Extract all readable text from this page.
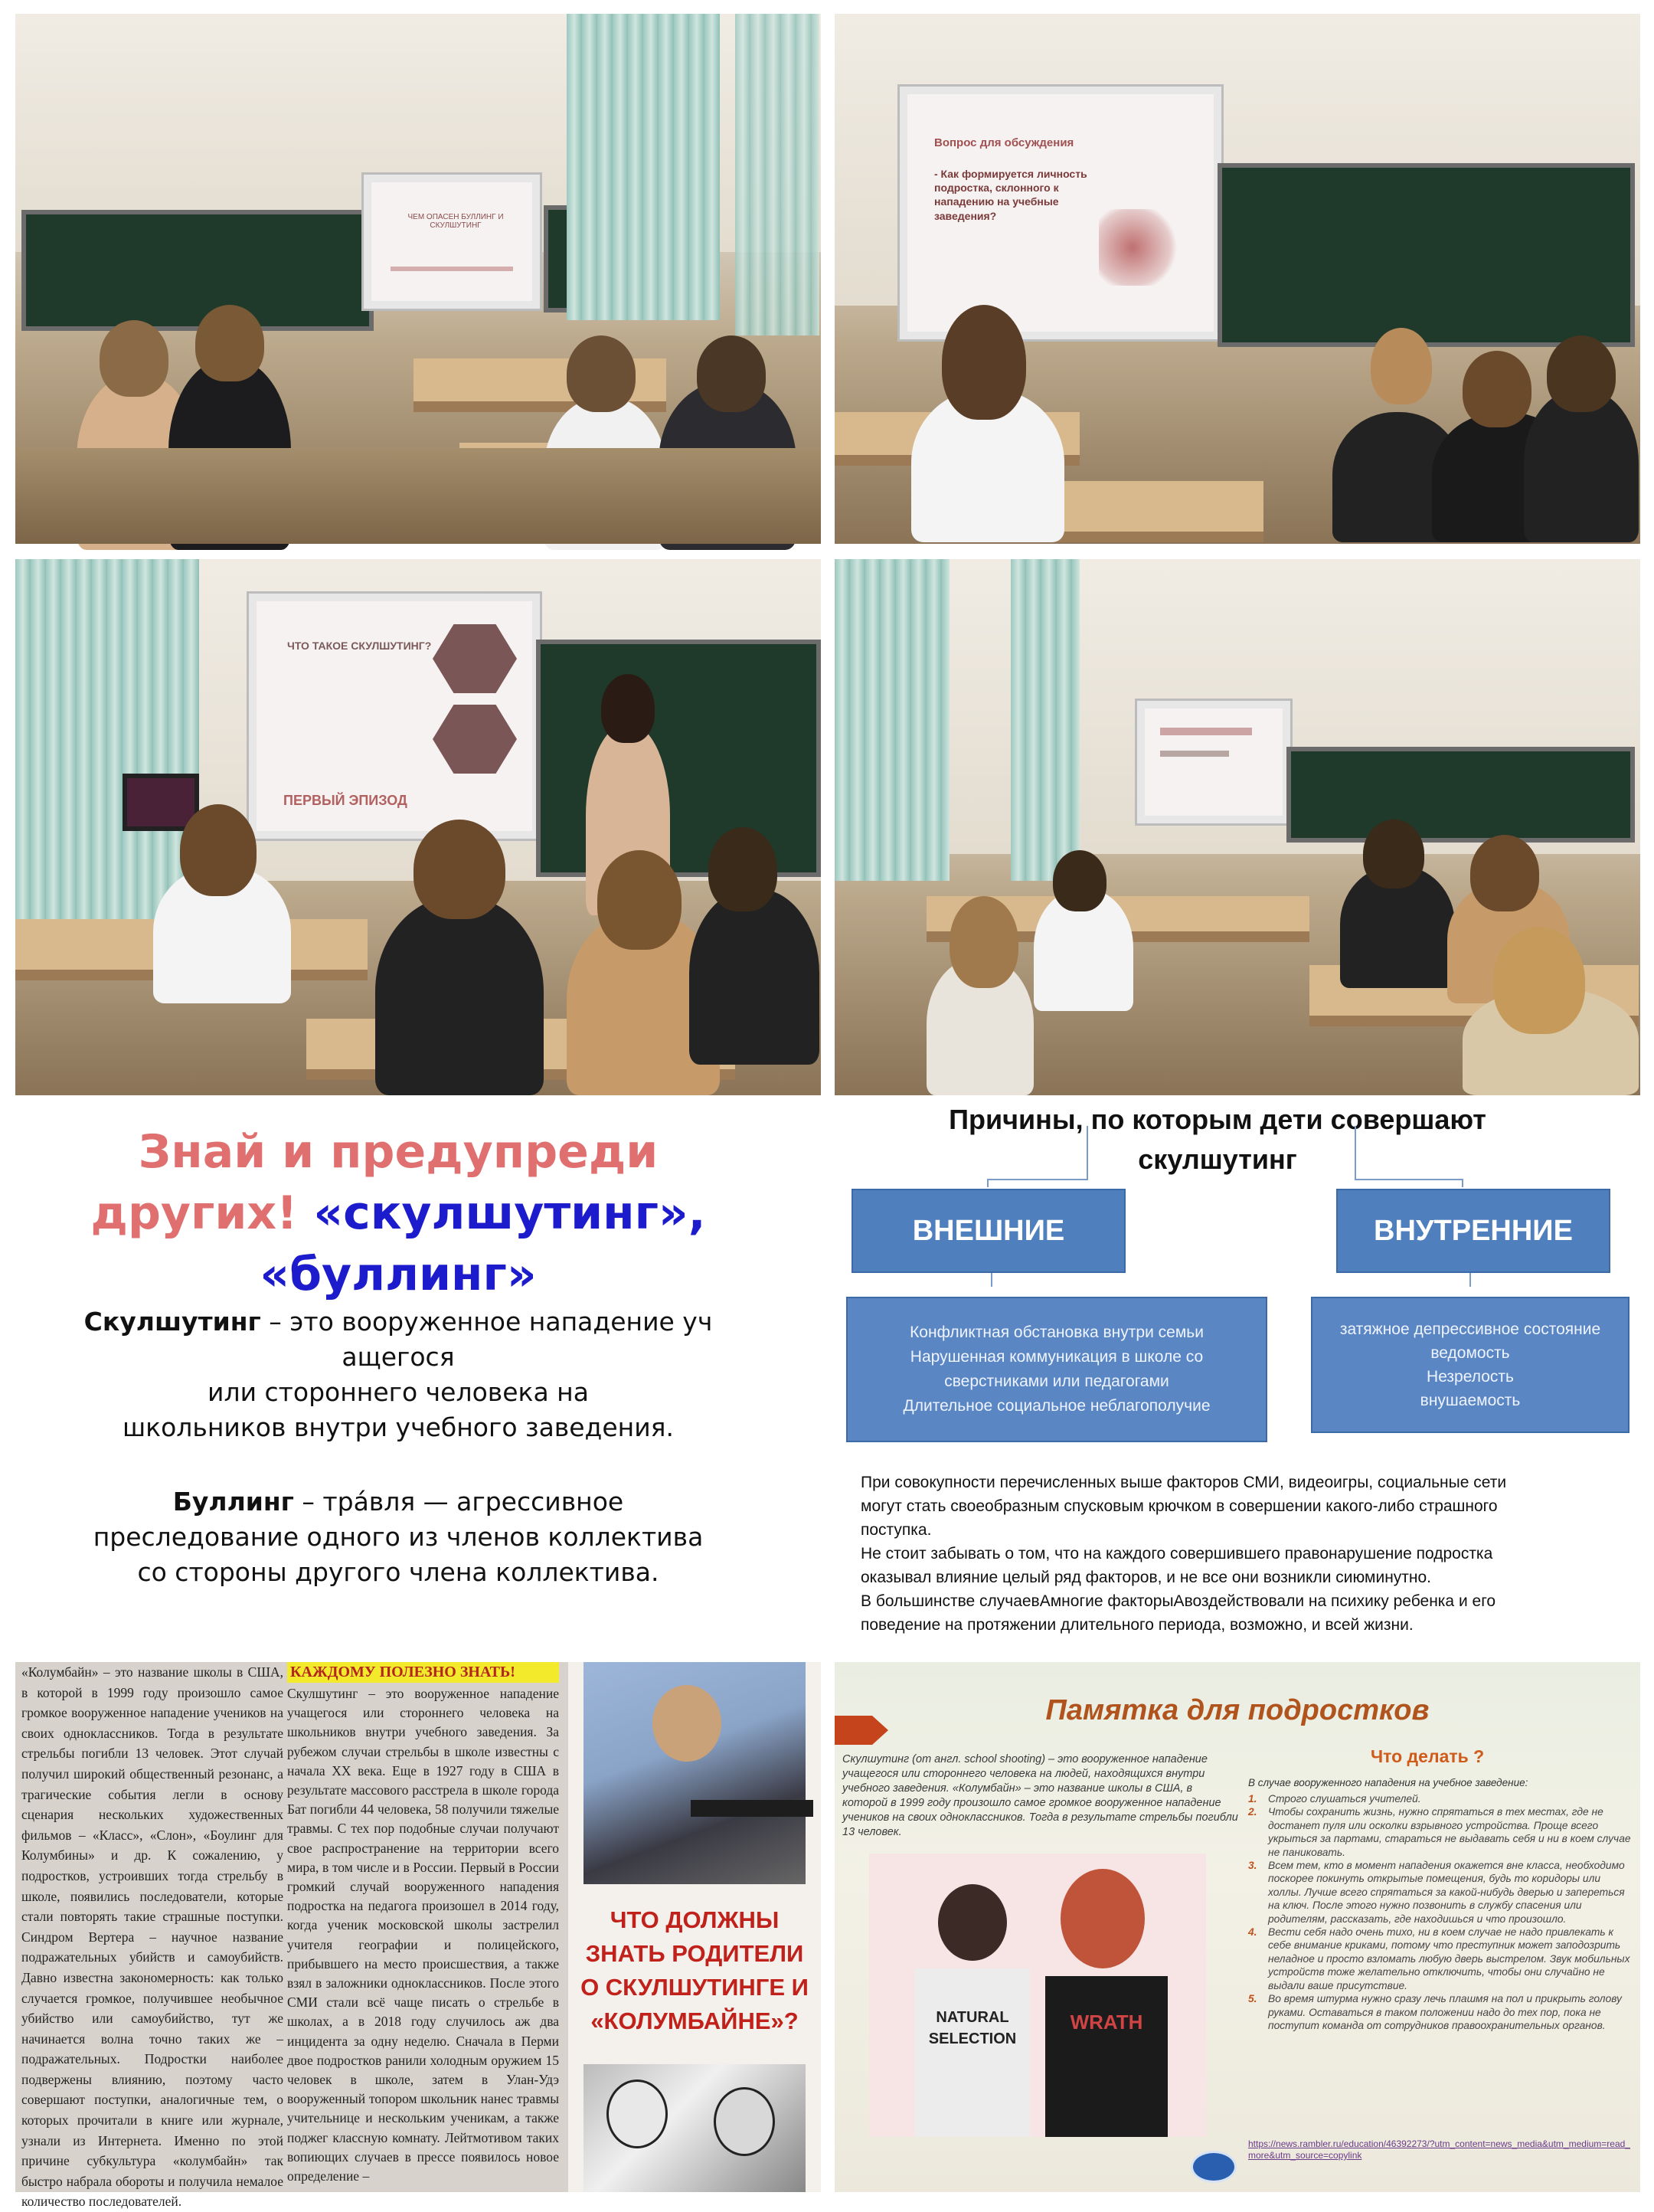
ЧЕМ ОПАСЕН БУЛЛИНГ И СКУЛШУТИНГ
Вопрос для обсуждения
- Как формируется личность подростка, склонного к нападению на учебные заведения?
ЧТО ТАКОЕ СКУЛШУТИНГ?
ПЕРВЫЙ ЭПИЗОД
Знай и предупреди
других! «скулшутинг»,
«буллинг»
Скулшутинг – это вооруженное нападение уч
ащегося
или стороннего человека на
школьников внутри учебного заведения.
Буллинг – тра́вля — агрессивное
преследование одного из членов коллектива
со стороны другого члена коллектива.
Причины, по которым дети совершают
скулшутинг
ВНЕШНИЕ	ВНУТРЕННИЕ
Конфликтная обстановка внутри семьи
Нарушенная коммуникация в школе со
сверстниками или педагогами
Длительное социальное неблагополучие
затяжное депрессивное состояние
ведомость
Незрелость
внушаемость
При совокупности перечисленных выше факторов СМИ, видеоигры, социальные сети
могут стать своеобразным спусковым крючком в совершении какого-либо страшного
поступка.
Не стоит забывать о том, что на каждого совершившего правонарушение подростка
оказывал влияние целый ряд факторов, и не все они возникли сиюминутно.
В большинстве случаевАмногие факторыАвоздействовали на психику ребенка и его
поведение на протяжении длительного периода, возможно, и всей жизни.
«Колумбайн» – это название школы в США, в которой в 1999 году произошло самое громкое вооруженное нападение учеников на своих одноклассников. Тогда в результате стрельбы погибли 13 человек. Этот случай получил широкий общественный резонанс, а трагические события легли в основу сценария нескольких художественных фильмов – «Класс», «Слон», «Боулинг для Колумбины» и др. К сожалению, у подростков, устроивших тогда стрельбу в школе, появились последователи, которые стали повторять такие страшные поступки. Синдром Вертера – научное название подражательных убийств и самоубийств. Давно известна закономерность: как только случается громкое, получившее необычное убийство или самоубийство, тут же начинается волна точно таких же – подражательных. Подростки наиболее подвержены влиянию, поэтому часто совершают поступки, аналогичные тем, о которых прочитали в книге или журнале, узнали из Интернета. Именно по этой причине субкультура «колумбайн» так быстро набрала обороты и получила немалое количество последователей.
КАЖДОМУ ПОЛЕЗНО ЗНАТЬ!
Скулшутинг – это вооруженное нападение учащегося или стороннего человека на школьников внутри учебного заведения. За рубежом случаи стрельбы в школе известны с начала XX века. Еще в 1927 году в США в результате массового расстрела в школе города Бат погибли 44 человека, 58 получили тяжелые травмы. С тех пор подобные случаи получают свое распространение на территории всего мира, в том числе и в России. Первый в России громкий случай вооруженного нападения подростка на педагога произошел в 2014 году, когда ученик московской школы застрелил учителя географии и полицейского, прибывшего на место происшествия, а также взял в заложники одноклассников. После этого СМИ стали всё чаще писать о стрельбе в школах, а в 2018 году случилось аж два инцидента за одну неделю. Сначала в Перми двое подростков ранили холодным оружием 15 человек в школе, затем в Улан-Удэ вооруженный топором школьник нанес травмы учительнице и нескольким ученикам, а также поджег классную комнату. Лейтмотивом таких вопиющих случаев в прессе появилось новое определение –
ЧТО ДОЛЖНЫ ЗНАТЬ РОДИТЕЛИ О СКУЛШУТИНГЕ И «КОЛУМБАЙНЕ»?
Памятка для подростков
Скулшутинг (от англ. school shooting) – это вооруженное нападение учащегося или стороннего человека на людей, находящихся внутри учебного заведения. «Колумбайн» – это название школы в США, в которой в 1999 году произошло самое громкое вооруженное нападение учеников на своих одноклассников. Тогда в результате стрельбы погибли 13 человек.
NATURAL SELECTION
WRATH
Что делать ?
В случае вооруженного нападения на учебное заведение:
1.	Строго слушаться учителей.
2.	Чтобы сохранить жизнь, нужно спрятаться в тех местах, где не достанет пуля или осколки взрывного устройства. Проще всего укрыться за партами, стараться не выдавать себя и ни в коем случае не паниковать.
3.	Всем тем, кто в момент нападения окажется вне класса, необходимо поскорее покинуть открытые помещения, будь то коридоры или холлы. Лучше всего спрятаться за какой-нибудь дверью и запереться на ключ. После этого нужно позвонить в службу спасения или родителям, рассказать, где находишься и что произошло.
4.	Вести себя надо очень тихо, ни в коем случае не надо привлекать к себе внимание криками, потому что преступник может заподозрить неладное и просто взломать любую дверь выстрелом. Звук мобильных устройств тоже желательно отключить, чтобы они случайно не выдали ваше присутствие.
5.	Во время штурма нужно сразу лечь плашмя на пол и прикрыть голову руками. Оставаться в таком положении надо до тех пор, пока не поступит команда от сотрудников правоохранительных органов.
https://news.rambler.ru/education/46392273/?utm_content=news_media&utm_medium=read_more&utm_source=copylink
